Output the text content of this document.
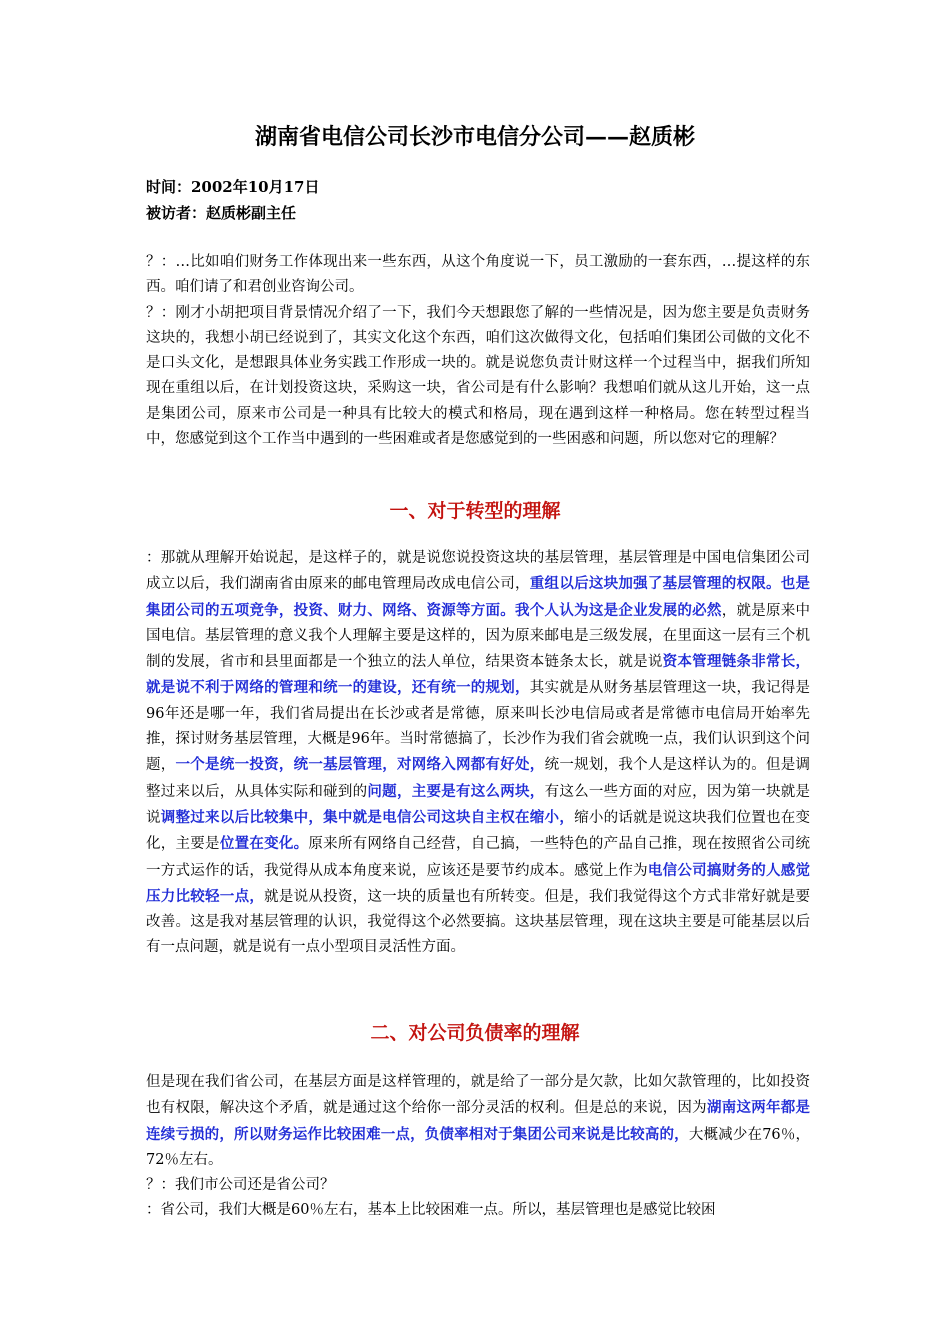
湖南省电信公司长沙市电信分公司——赵质彬

时间：2002年10月17日

被访者：赵质彬副主任

？：…比如咱们财务工作体现出来一些东西，从这个角度说一下，员工激励的一套东西，…提这样的东西。咱们请了和君创业咨询公司。

？：刚才小胡把项目背景情况介绍了一下，我们今天想跟您了解的一些情况是，因为您主要是负责财务这块的，我想小胡已经说到了，其实文化这个东西，咱们这次做得文化，包括咱们集团公司做的文化不是口头文化，是想跟具体业务实践工作形成一块的。就是说您负责计财这样一个过程当中，据我们所知现在重组以后，在计划投资这块，采购这一块，省公司是有什么影响？我想咱们就从这儿开始，这一点是集团公司，原来市公司是一种具有比较大的模式和格局，现在遇到这样一种格局。您在转型过程当中，您感觉到这个工作当中遇到的一些困难或者是您感觉到的一些困惑和问题，所以您对它的理解？

一、对于转型的理解

：那就从理解开始说起，是这样子的，就是说您说投资这块的基层管理，基层管理是中国电信集团公司成立以后，我们湖南省由原来的邮电管理局改成电信公司，重组以后这块加强了基层管理的权限。也是集团公司的五项竞争，投资、财力、网络、资源等方面。我个人认为这是企业发展的必然，就是原来中国电信。基层管理的意义我个人理解主要是这样的，因为原来邮电是三级发展，在里面这一层有三个机制的发展，省市和县里面都是一个独立的法人单位，结果资本链条太长，就是说资本管理链条非常长，就是说不利于网络的管理和统一的建设，还有统一的规划，其实就是从财务基层管理这一块，我记得是96年还是哪一年，我们省局提出在长沙或者是常德，原来叫长沙电信局或者是常德市电信局开始率先推，探讨财务基层管理，大概是96年。当时常德搞了，长沙作为我们省会就晚一点，我们认识到这个问题，一个是统一投资，统一基层管理，对网络入网都有好处，统一规划，我个人是这样认为的。但是调整过来以后，从具体实际和碰到的问题，主要是有这么两块，有这么一些方面的对应，因为第一块就是说调整过来以后比较集中，集中就是电信公司这块自主权在缩小，缩小的话就是说这块我们位置也在变化，主要是位置在变化。原来所有网络自己经营，自己搞，一些特色的产品自己推，现在按照省公司统一方式运作的话，我觉得从成本角度来说，应该还是要节约成本。感觉上作为电信公司搞财务的人感觉压力比较轻一点，就是说从投资，这一块的质量也有所转变。但是，我们我觉得这个方式非常好就是要改善。这是我对基层管理的认识，我觉得这个必然要搞。这块基层管理，现在这块主要是可能基层以后有一点问题，就是说有一点小型项目灵活性方面。

二、对公司负债率的理解

但是现在我们省公司，在基层方面是这样管理的，就是给了一部分是欠款，比如欠款管理的，比如投资也有权限，解决这个矛盾，就是通过这个给你一部分灵活的权利。但是总的来说，因为湖南这两年都是连续亏损的，所以财务运作比较困难一点，负债率相对于集团公司来说是比较高的，大概减少在76％，72％左右。

？：我们市公司还是省公司？

：省公司，我们大概是60％左右，基本上比较困难一点。所以，基层管理也是感觉比较困
